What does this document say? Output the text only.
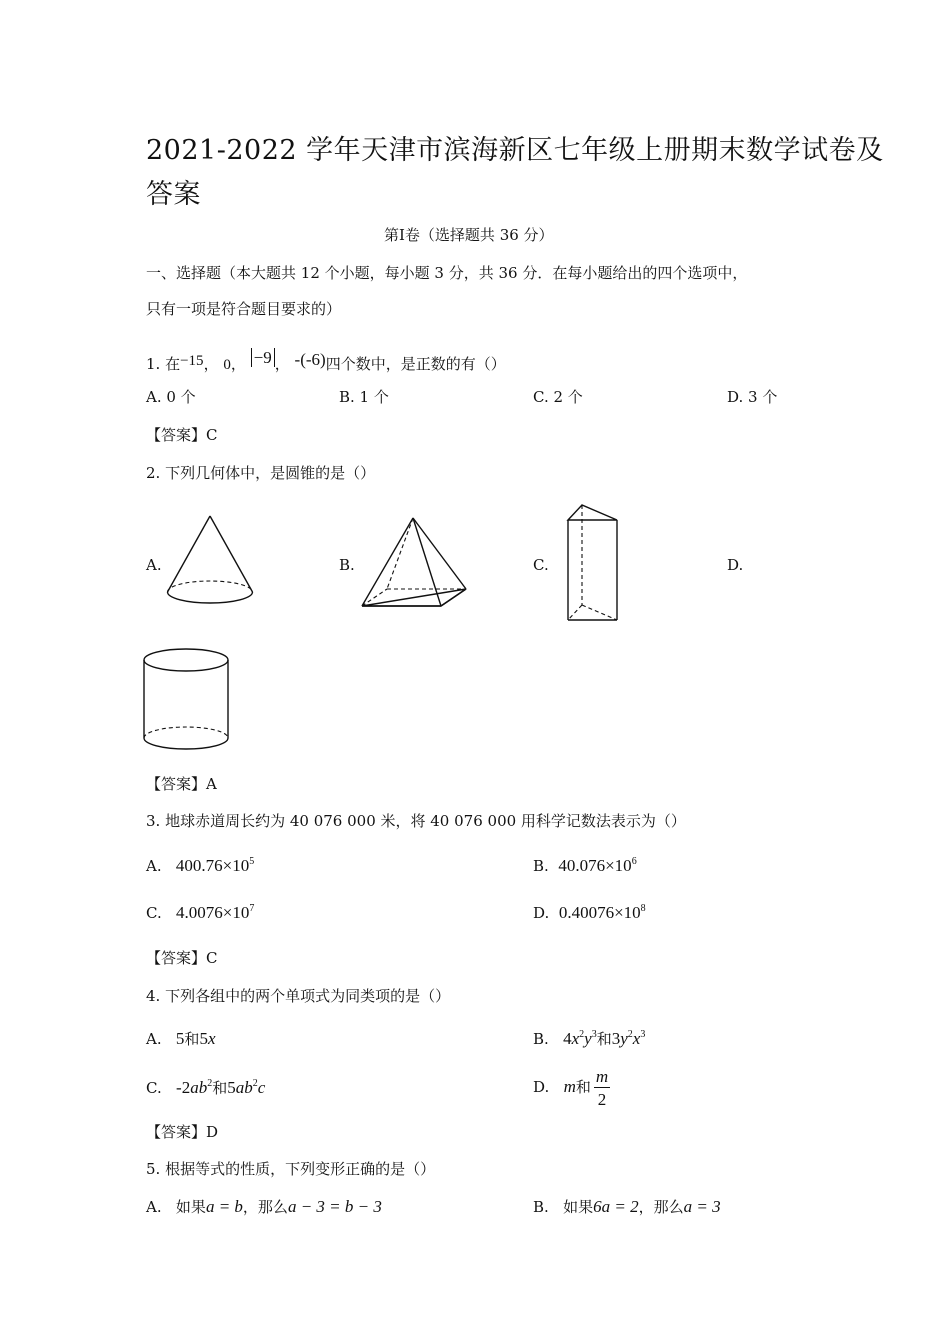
2021-2022 学年天津市滨海新区七年级上册期末数学试卷及
答案
第Ⅰ卷（选择题共 36 分）
一、选择题（本大题共 12 个小题，每小题 3 分，共 36 分．在每小题给出的四个选项中，
只有一项是符合题目要求的）
1. 在−15， 0， −9 ， -(-6)四个数中，是正数的有（）
A. 0 个	B. 1 个	C. 2 个	D. 3 个
【答案】C
2. 下列几何体中，是圆锥的是（）
A.	B.	C.	D.
【答案】A
3. 地球赤道周长约为 40 076 000 米，将 40 076 000 用科学记数法表示为（）
A. $400.76\times 10^5$	B. $40.076\times 10^6$
C. $4.0076\times 10^7$	D. $0.40076\times 10^8$
【答案】C
4. 下列各组中的两个单项式为同类项的是（）
A. 5和5x	B. $4x^2y^3$和$3y^2x^3$
C. $-2ab^2$和$5ab^2c$	D. m和 $\frac{m}{2}$
【答案】D
5. 根据等式的性质，下列变形正确的是（）
A. 如果a = b，那么a − 3 = b − 3	B. 如果6a = 2，那么a = 3
